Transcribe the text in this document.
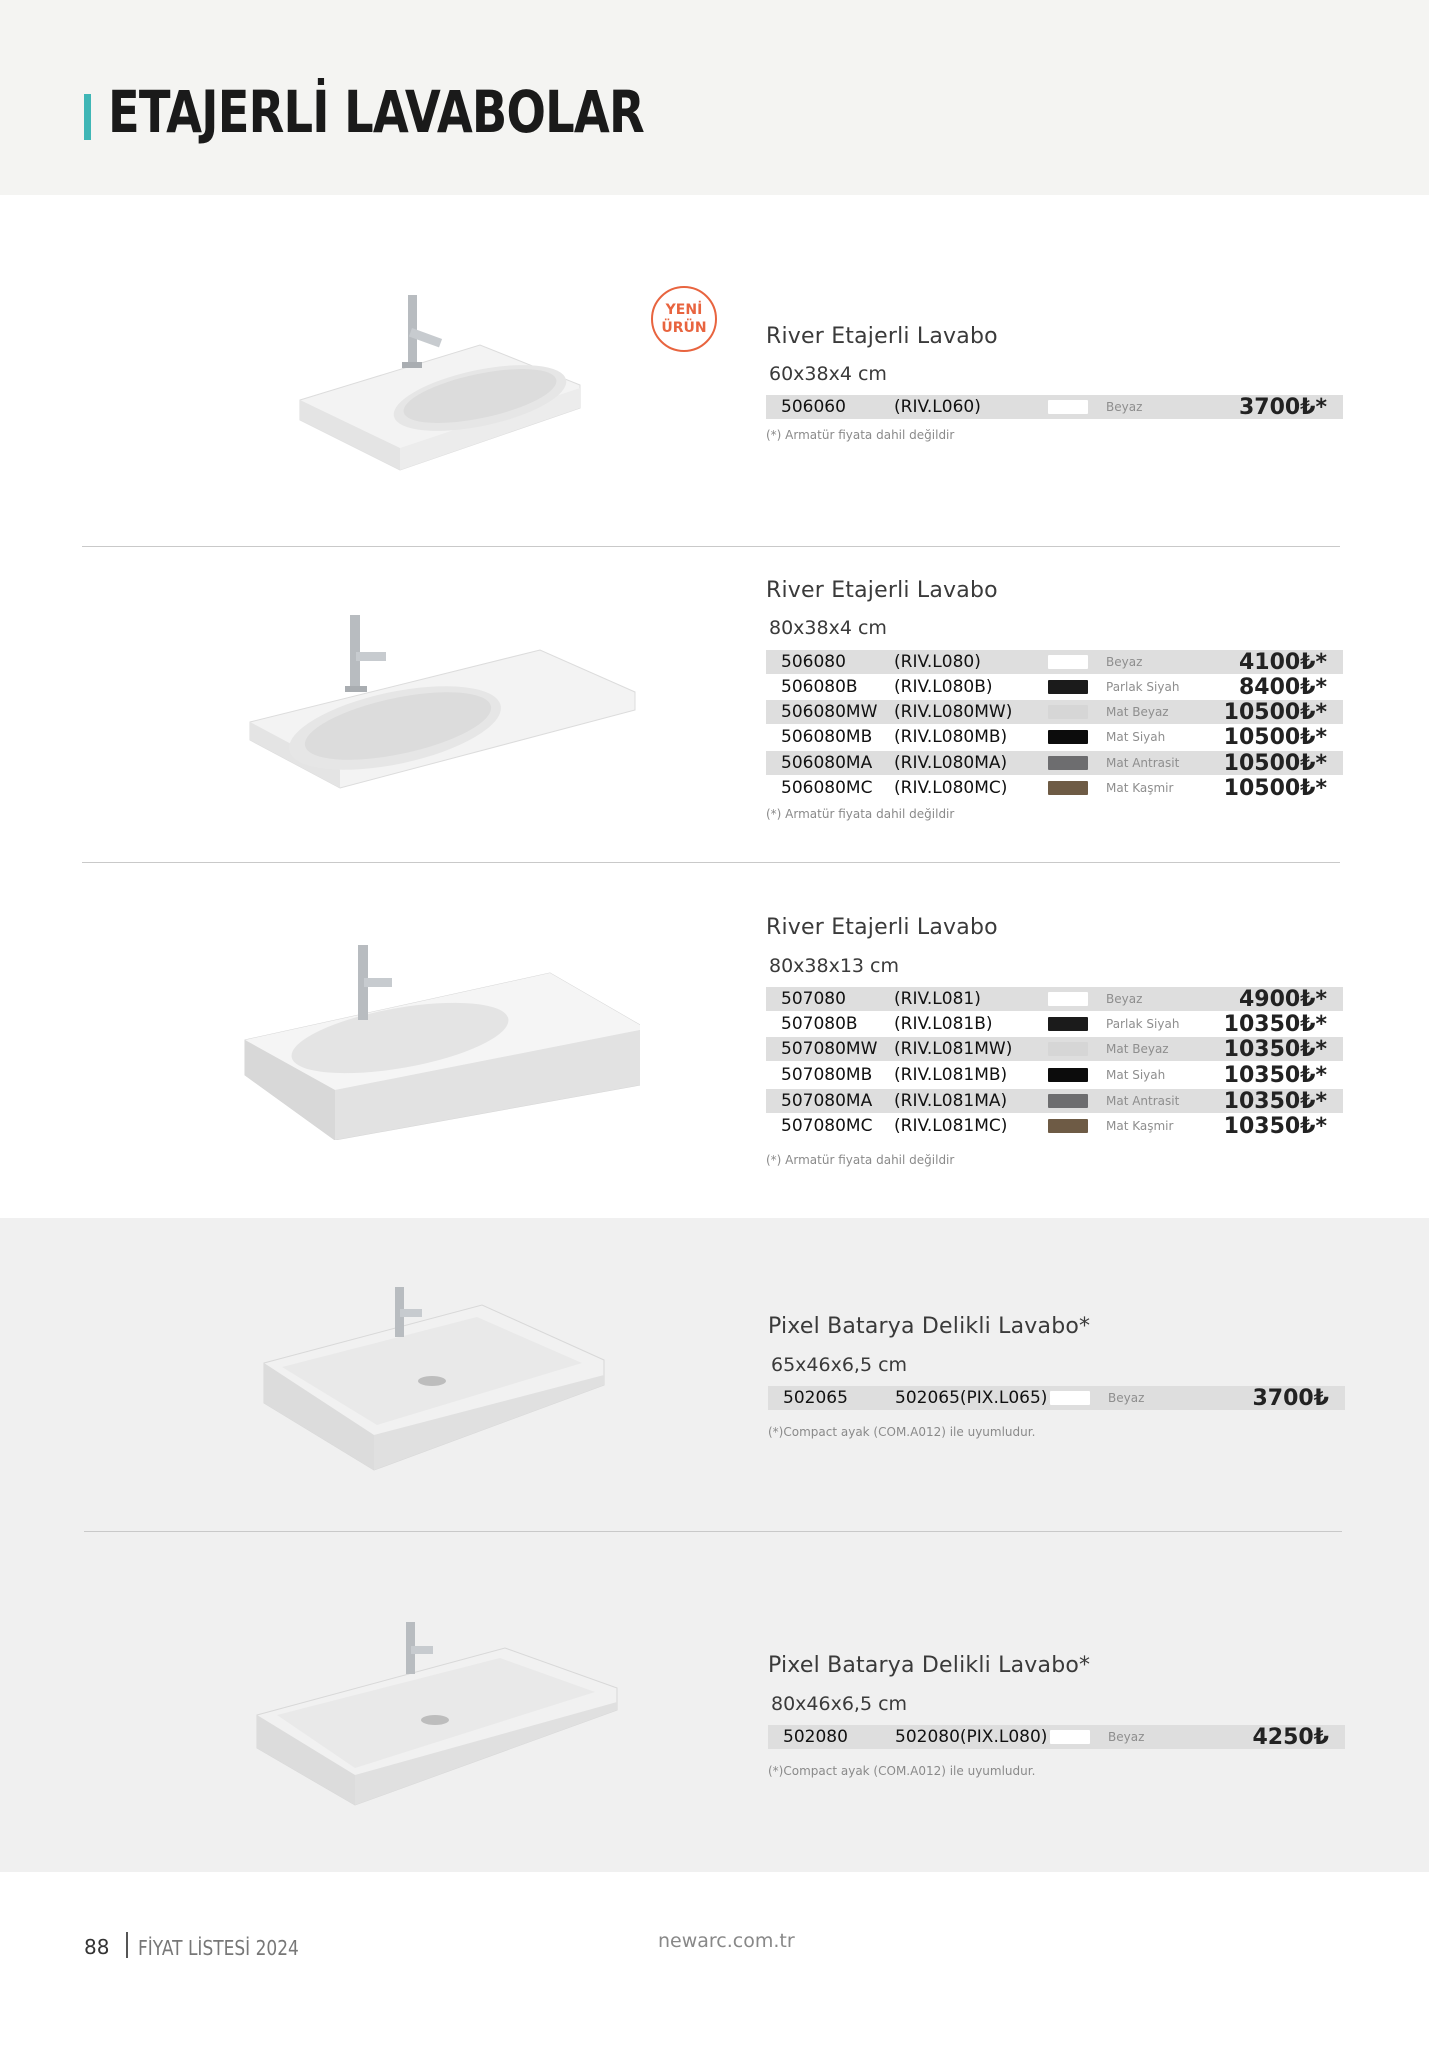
ETAJERLİ LAVABOLAR
YENİ
ÜRÜN	River Etajerli Lavabo
60x38x4 cm
506060	(RIV.L060)	Beyaz	3700₺*
(*) Armatür fiyata dahil değildir
River Etajerli Lavabo
80x38x4 cm
506080	(RIV.L080)	Beyaz	4100₺*
506080B (RIV.L080B)	Parlak Siyah	8400₺*
506080MW (RIV.L080MW)	Mat Beyaz	10500₺*
506080MB (RIV.L080MB)	Mat Siyah	10500₺*
506080MA (RIV.L080MA)	Mat Antrasit 10500₺*
506080MC (RIV.L080MC)	Mat Kaşmir 10500₺*
(*) Armatür fiyata dahil değildir
River Etajerli Lavabo
80x38x13 cm
507080	(RIV.L081)	Beyaz	4900₺*
507080B (RIV.L081B)	Parlak Siyah 10350₺*
507080MW (RIV.L081MW)	Mat Beyaz	10350₺*
507080MB (RIV.L081MB)	Mat Siyah	10350₺*
507080MA (RIV.L081MA)	Mat Antrasit 10350₺*
507080MC (RIV.L081MC)	Mat Kaşmir 10350₺*
(*) Armatür fiyata dahil değildir
Pixel Batarya Delikli Lavabo*
65x46x6,5 cm
502065	502065(PIX.L065)	Beyaz	3700₺
(*)Compact ayak (COM.A012) ile uyumludur.
Pixel Batarya Delikli Lavabo*
80x46x6,5 cm
502080	502080(PIX.L080)	Beyaz	4250₺
(*)Compact ayak (COM.A012) ile uyumludur.
88 FİYAT LİSTESİ 2024	newarc.com.tr
